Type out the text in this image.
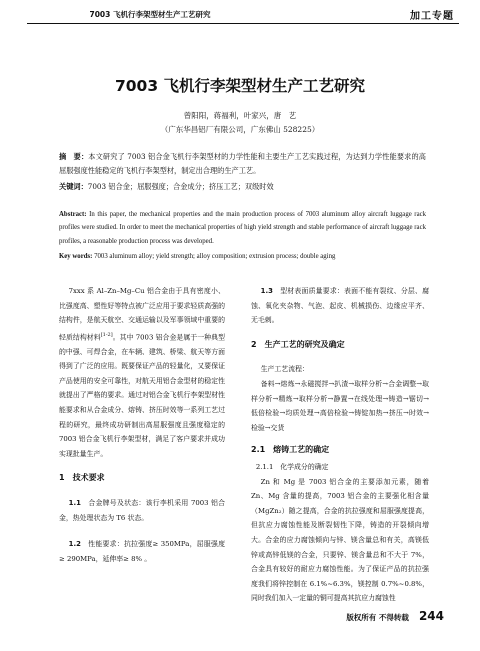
7003 飞机行李架型材生产工艺研究	加工专题
7003 飞机行李架型材生产工艺研究
曾阳阳，蒋福利，叶家兴，唐　艺
（广东华昌铝厂有限公司，广东佛山 528225）
摘　要：本文研究了 7003 铝合金飞机行李架型材的力学性能和主要生产工艺实践过程，为达到力学性能要求的高屈服强度性能稳定的飞机行李架型材，制定出合理的生产工艺。
关键词：7003 铝合金；屈服强度；合金成分；挤压工艺；双级时效
Abstract: In this paper, the mechanical properties and the main production process of 7003 aluminum alloy aircraft luggage rack profiles were studied. In order to meet the mechanical properties of high yield strength and stable performance of aircraft luggage rack profiles, a reasonable production process was developed.
Key words: 7003 aluminum alloy; yield strength; alloy composition; extrusion process; double aging

7xxx 系 Al–Zn–Mg–Cu 铝合金由于具有密度小、比强度高、塑性好等特点被广泛应用于要求轻质高强的结构件，是航天航空、交通运输以及军事领域中重要的轻质结构材料[1-2]。其中 7003 铝合金是属于一种典型的中强、可焊合金，在车辆、建筑、桥梁、航天等方面得到了广泛的应用。既要保证产品的轻量化，又要保证产品使用的安全可靠性，对航天用铝合金型材的稳定性就提出了严格的要求。通过对铝合金飞机行李架型材性能要求和从合金成分、熔铸、挤压时效等一系列工艺过程的研究，最终成功研制出高屈服强度且强度稳定的 7003 铝合金飞机行李架型材，满足了客户要求并成功实现批量生产。

1　技术要求

1.1　 合金牌号及状态：该行李机采用 7003 铝合金，热处理状态为 T6 状态。

1.2　 性能要求：抗拉强度≥ 350MPa，屈服强度≥ 290MPa，延伸率≥ 8% 。

1.3　 型材表面质量要求：表面不能有裂纹、分层、腐蚀、氧化夹杂物、气泡、起皮、机械损伤、边缘应平齐、无毛刺。

2　生产工艺的研究及确定

生产工艺流程：

备料→熔炼→永磁搅拌→扒渣→取样分析→合金调整→取样分析→精炼→取样分析→静置→在线处理→铸造→锯切→低倍检验→均质处理→高倍检验→铸锭加热→挤压→时效→检验→交货

2.1　熔铸工艺的确定

2.1.1　化学成分的确定

Zn 和 Mg 是 7003 铝合金的主要添加元素，随着 Zn、Mg 含量的提高，7003 铝合金的主要强化相含量（MgZn₂）随之提高，合金的抗拉强度和屈服强度提高，但抗应力腐蚀性能及断裂韧性下降，铸造的开裂倾向增大。合金的应力腐蚀倾向与锌、镁含量总和有关，高镁低锌或高锌低镁的合金，只要锌、镁含量总和不大于 7%，合金具有较好的耐应力腐蚀性能。为了保证产品的抗拉强度我们将锌控制在 6.1%~6.3%，镁控制 0.7%~0.8%，同时我们加入一定量的铜可提高其抗应力腐蚀性

版权所有 不得转载 244
